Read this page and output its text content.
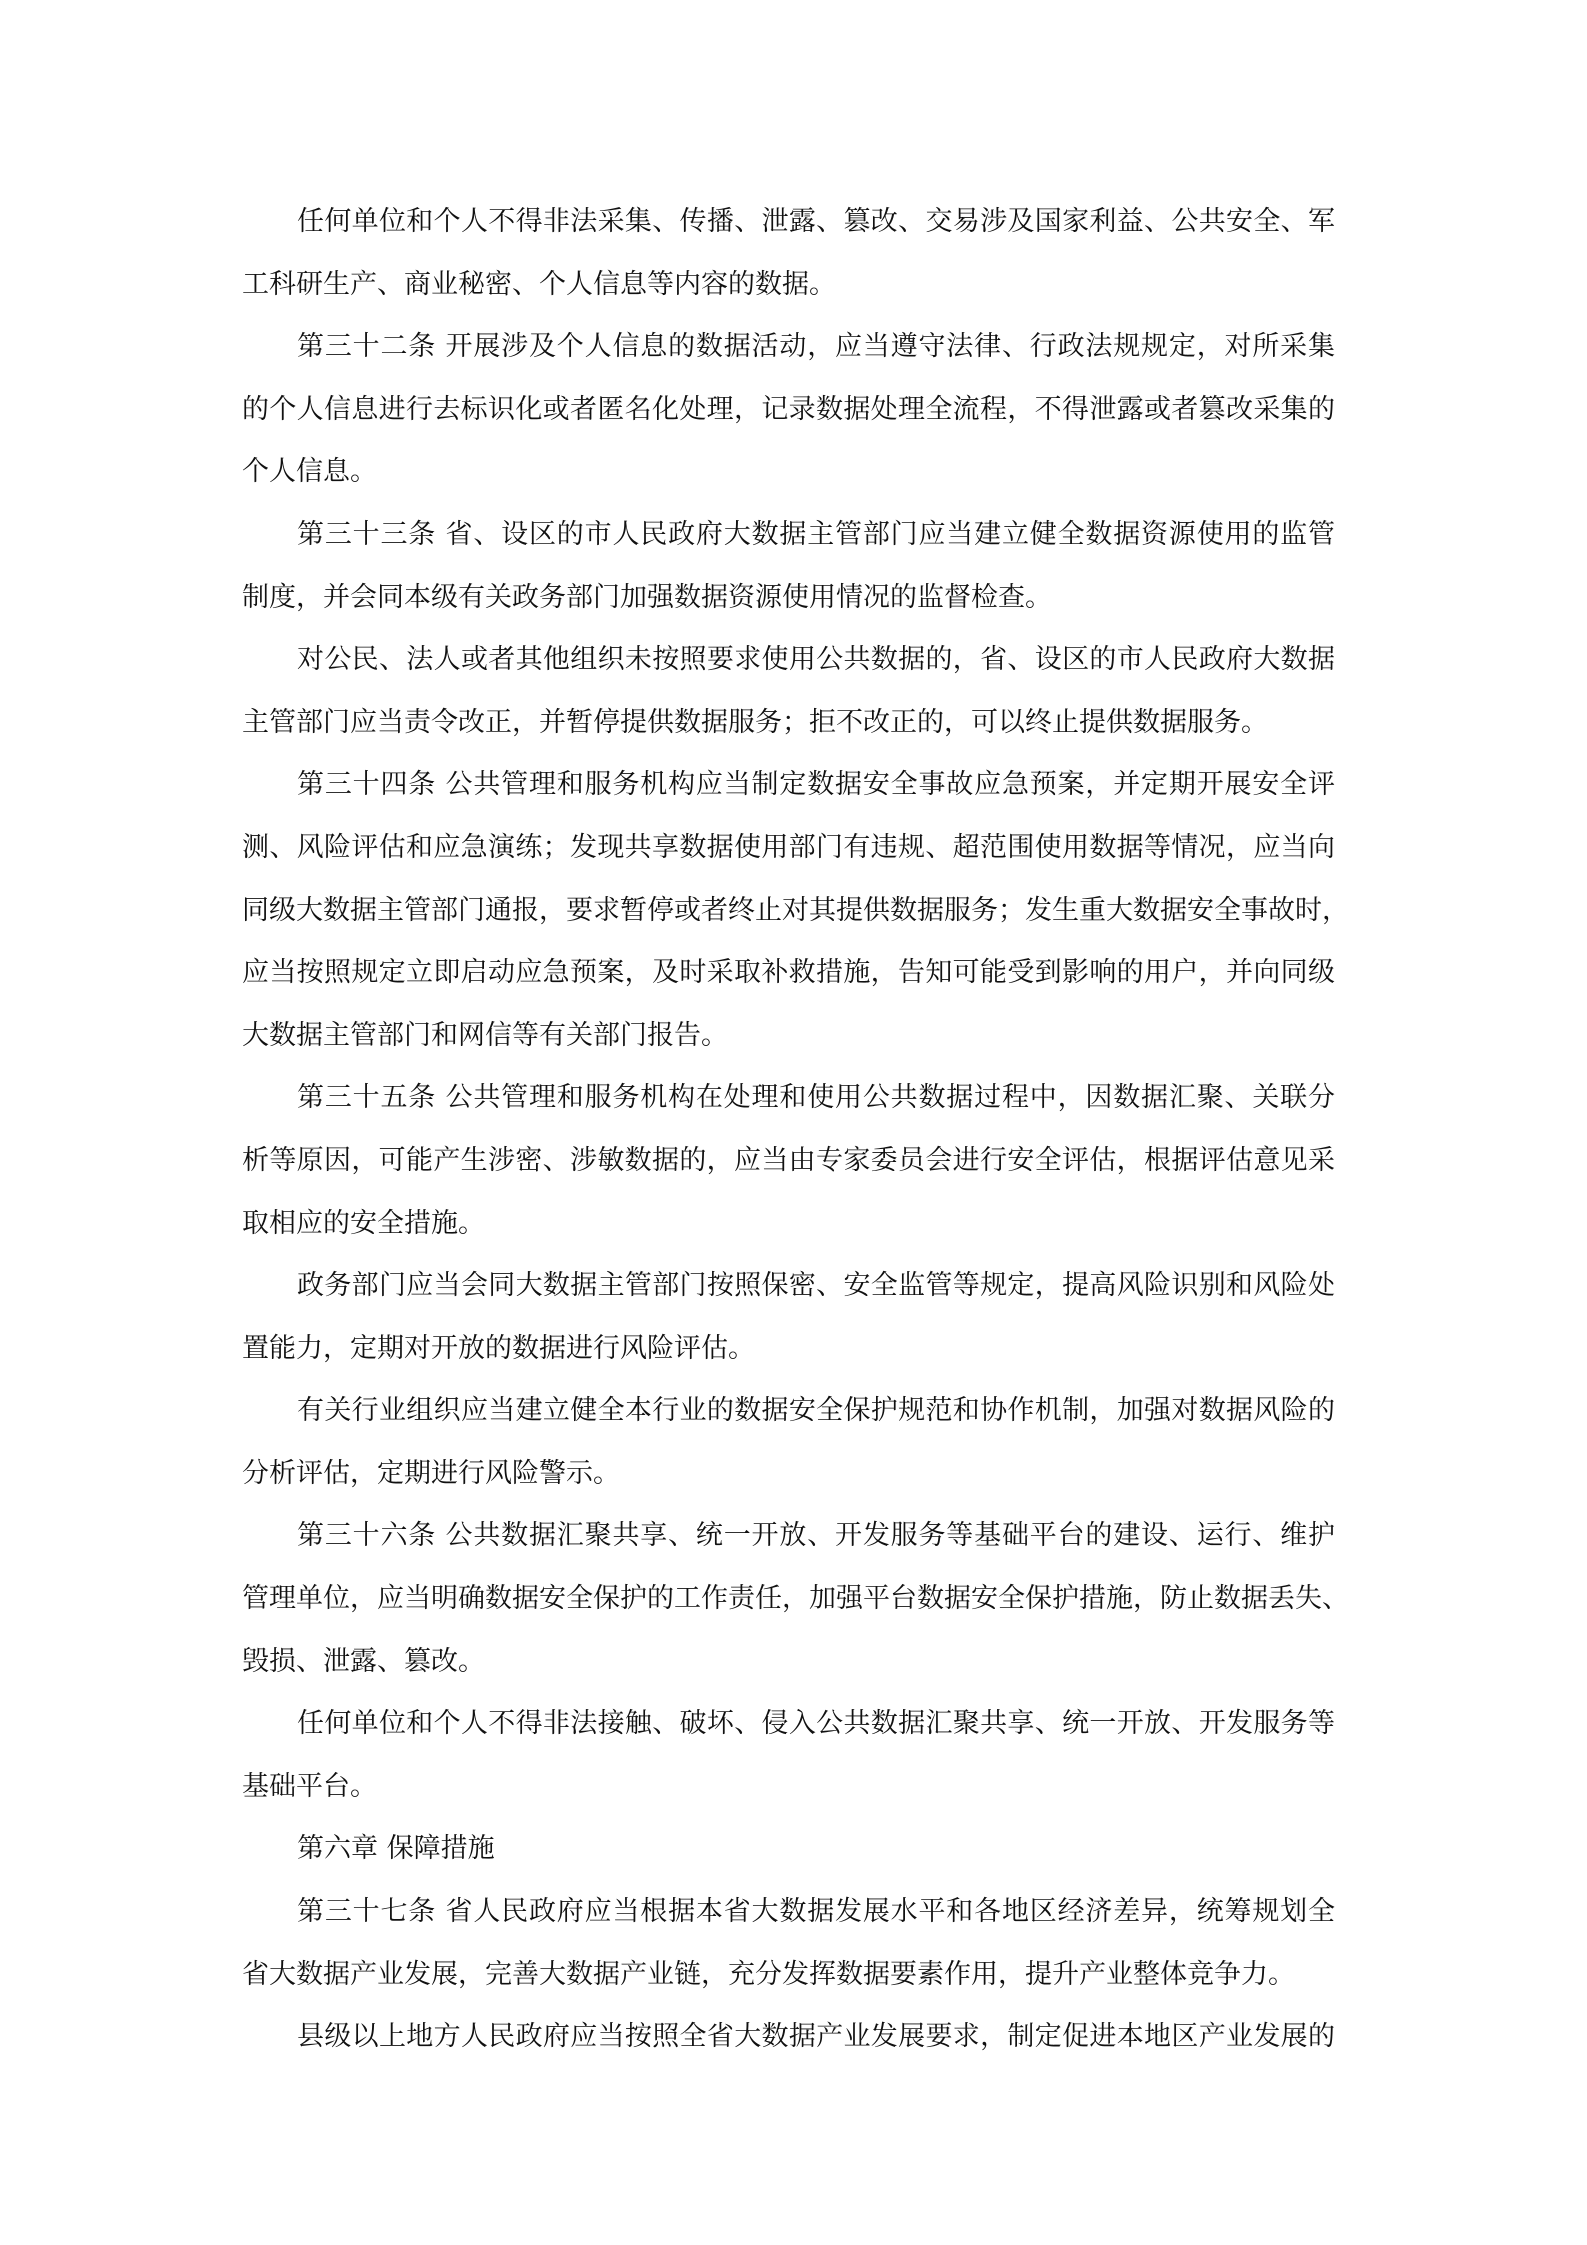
任何单位和个人不得非法采集、传播、泄露、篡改、交易涉及国家利益、公共安全、军
工科研生产、商业秘密、个人信息等内容的数据。
第三十二条 开展涉及个人信息的数据活动，应当遵守法律、行政法规规定，对所采集
的个人信息进行去标识化或者匿名化处理，记录数据处理全流程，不得泄露或者篡改采集的
个人信息。
第三十三条 省、设区的市人民政府大数据主管部门应当建立健全数据资源使用的监管
制度，并会同本级有关政务部门加强数据资源使用情况的监督检查。
对公民、法人或者其他组织未按照要求使用公共数据的，省、设区的市人民政府大数据
主管部门应当责令改正，并暂停提供数据服务；拒不改正的，可以终止提供数据服务。
第三十四条 公共管理和服务机构应当制定数据安全事故应急预案，并定期开展安全评
测、风险评估和应急演练；发现共享数据使用部门有违规、超范围使用数据等情况，应当向
同级大数据主管部门通报，要求暂停或者终止对其提供数据服务；发生重大数据安全事故时，
应当按照规定立即启动应急预案，及时采取补救措施，告知可能受到影响的用户，并向同级
大数据主管部门和网信等有关部门报告。
第三十五条 公共管理和服务机构在处理和使用公共数据过程中，因数据汇聚、关联分
析等原因，可能产生涉密、涉敏数据的，应当由专家委员会进行安全评估，根据评估意见采
取相应的安全措施。
政务部门应当会同大数据主管部门按照保密、安全监管等规定，提高风险识别和风险处
置能力，定期对开放的数据进行风险评估。
有关行业组织应当建立健全本行业的数据安全保护规范和协作机制，加强对数据风险的
分析评估，定期进行风险警示。
第三十六条 公共数据汇聚共享、统一开放、开发服务等基础平台的建设、运行、维护
管理单位，应当明确数据安全保护的工作责任，加强平台数据安全保护措施，防止数据丢失、
毁损、泄露、篡改。
任何单位和个人不得非法接触、破坏、侵入公共数据汇聚共享、统一开放、开发服务等
基础平台。
第六章 保障措施
第三十七条 省人民政府应当根据本省大数据发展水平和各地区经济差异，统筹规划全
省大数据产业发展，完善大数据产业链，充分发挥数据要素作用，提升产业整体竞争力。
县级以上地方人民政府应当按照全省大数据产业发展要求，制定促进本地区产业发展的
